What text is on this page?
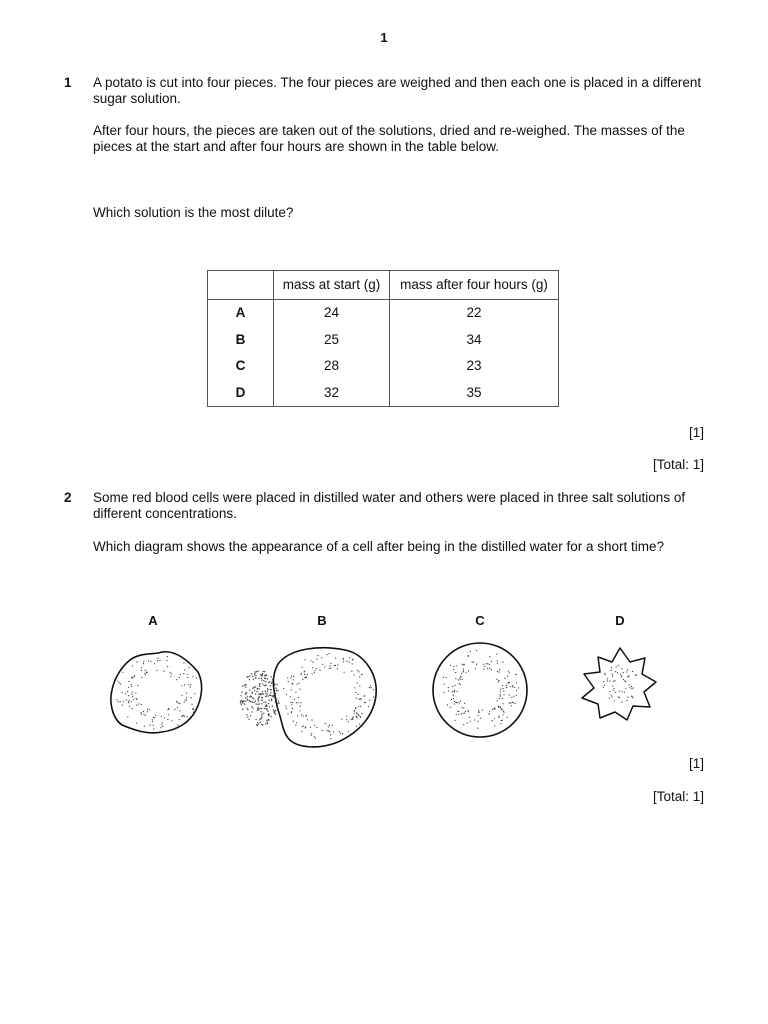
1
1 A potato is cut into four pieces. The four pieces are weighed and then each one is placed in a different sugar solution.
After four hours, the pieces are taken out of the solutions, dried and re-weighed. The masses of the pieces at the start and after four hours are shown in the table below.
Which solution is the most dilute?
	mass at start (g)	mass after four hours (g)
A	24	22
B	25	34
C	28	23
D	32	35
[1]
[Total: 1]
2 Some red blood cells were placed in distilled water and others were placed in three salt solutions of different concentrations.
Which diagram shows the appearance of a cell after being in the distilled water for a short time?
A	B	C	D
[1]
[Total: 1]
